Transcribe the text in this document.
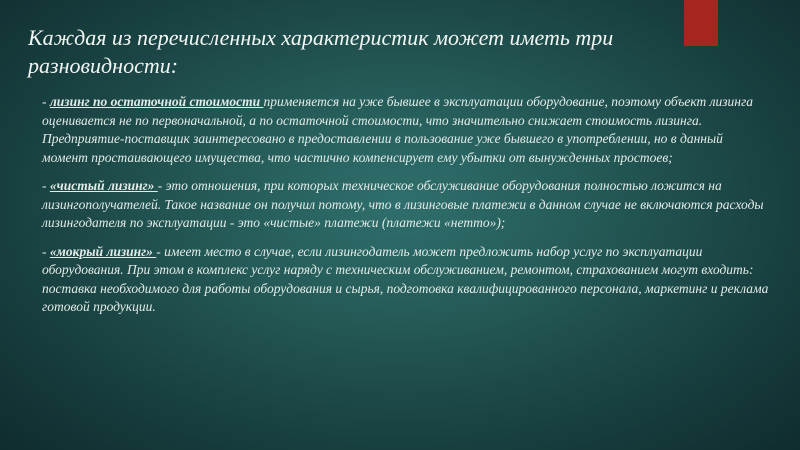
Каждая из перечисленных характеристик может иметь три разновидности:
- лизинг по остаточной стоимости применяется на уже бывшее в эксплуатации оборудование, поэтому объект лизинга оценивается не по первоначальной, а по остаточной стоимости, что значительно снижает стоимость лизинга. Предприятие-поставщик заинтересовано в предоставлении в пользование уже бывшего в употреблении, но в данный момент простаивающего имущества, что частично компенсирует ему убытки от вынужденных простоев;
- «чистый лизинг» - это отношения, при которых техническое обслуживание оборудования полностью ложится на лизингополучателей. Такое название он получил потому, что в лизинговые платежи в данном случае не включаются расходы лизингодателя по эксплуатации - это «чистые» платежи (платежи «нетто»);
- «мокрый лизинг» - имеет место в случае, если лизингодатель может предложить набор услуг по эксплуатации оборудования. При этом в комплекс услуг наряду с техническим обслуживанием, ремонтом, страхованием могут входить: поставка необходимого для работы оборудования и сырья, подготовка квалифицированного персонала, маркетинг и реклама готовой продукции.
